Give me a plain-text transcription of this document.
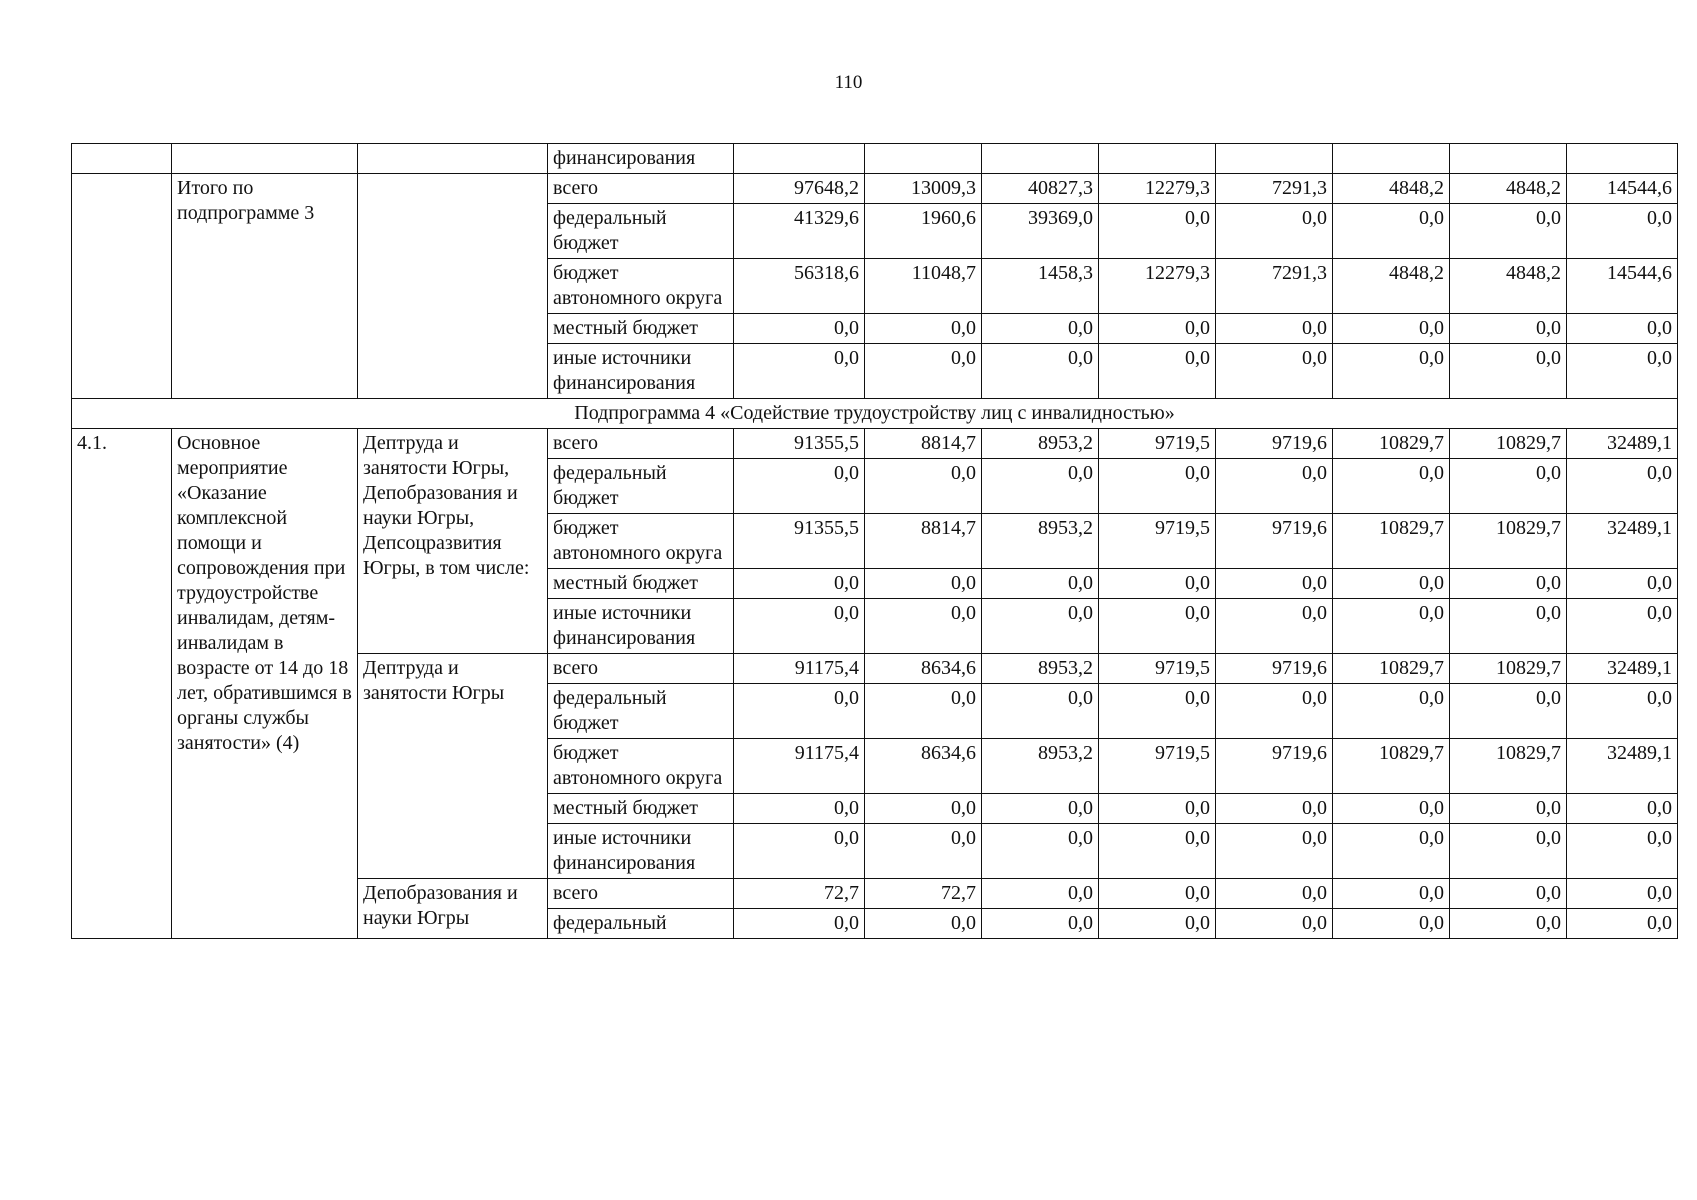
110
			финансирования								
	Итого по подпрограмме 3		всего	97648,2	13009,3	40827,3	12279,3	7291,3	4848,2	4848,2	14544,6
			федеральный бюджет	41329,6	1960,6	39369,0	0,0	0,0	0,0	0,0	0,0
			бюджет автономного округа	56318,6	11048,7	1458,3	12279,3	7291,3	4848,2	4848,2	14544,6
			местный бюджет	0,0	0,0	0,0	0,0	0,0	0,0	0,0	0,0
			иные источники финансирования	0,0	0,0	0,0	0,0	0,0	0,0	0,0	0,0
Подпрограмма 4 «Содействие трудоустройству лиц с инвалидностью»											
4.1.	Основное мероприятие «Оказание комплексной помощи и сопровождения при трудоустройстве инвалидам, детям-инвалидам в возрасте от 14 до 18 лет, обратившимся в органы службы занятости» (4)	Дептруда и занятости Югры, Депобразования и науки Югры, Депсоцразвития Югры, в том числе:	всего	91355,5	8814,7	8953,2	9719,5	9719,6	10829,7	10829,7	32489,1
			федеральный бюджет	0,0	0,0	0,0	0,0	0,0	0,0	0,0	0,0
			бюджет автономного округа	91355,5	8814,7	8953,2	9719,5	9719,6	10829,7	10829,7	32489,1
			местный бюджет	0,0	0,0	0,0	0,0	0,0	0,0	0,0	0,0
			иные источники финансирования	0,0	0,0	0,0	0,0	0,0	0,0	0,0	0,0
		Дептруда и занятости Югры	всего	91175,4	8634,6	8953,2	9719,5	9719,6	10829,7	10829,7	32489,1
			федеральный бюджет	0,0	0,0	0,0	0,0	0,0	0,0	0,0	0,0
			бюджет автономного округа	91175,4	8634,6	8953,2	9719,5	9719,6	10829,7	10829,7	32489,1
			местный бюджет	0,0	0,0	0,0	0,0	0,0	0,0	0,0	0,0
			иные источники финансирования	0,0	0,0	0,0	0,0	0,0	0,0	0,0	0,0
		Депобразования и науки Югры	всего	72,7	72,7	0,0	0,0	0,0	0,0	0,0	0,0
			федеральный	0,0	0,0	0,0	0,0	0,0	0,0	0,0	0,0
